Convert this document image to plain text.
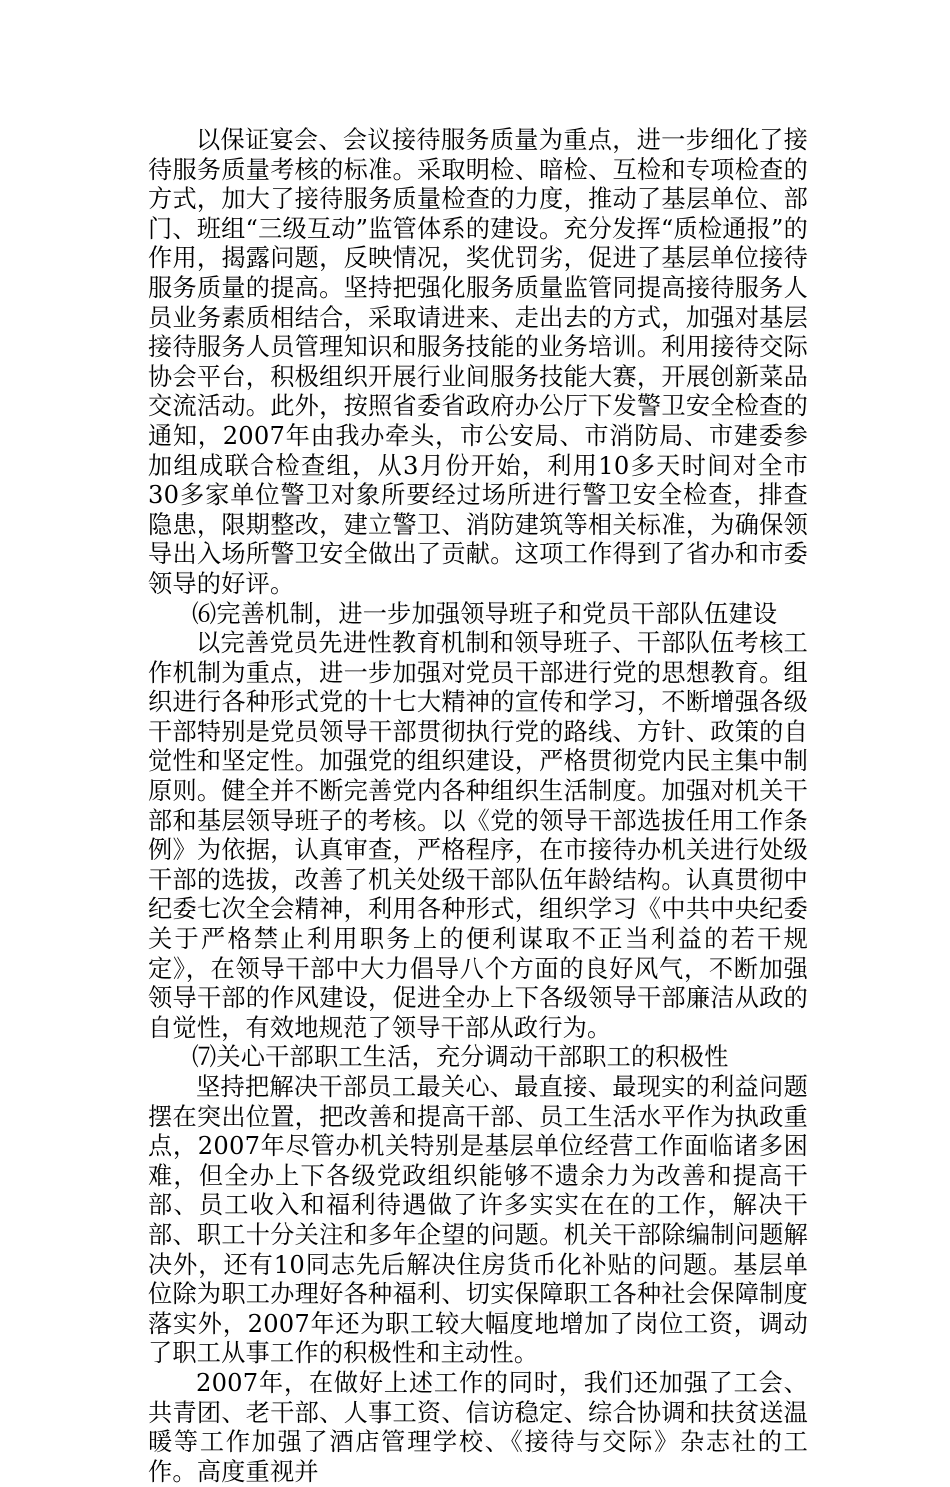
以保证宴会、会议接待服务质量为重点，进一步细化了接待服务质量考核的标准。采取明检、暗检、互检和专项检查的方式，加大了接待服务质量检查的力度，推动了基层单位、部门、班组“三级互动”监管体系的建设。充分发挥“质检通报”的作用，揭露问题，反映情况，奖优罚劣，促进了基层单位接待服务质量的提高。坚持把强化服务质量监管同提高接待服务人员业务素质相结合，采取请进来、走出去的方式，加强对基层接待服务人员管理知识和服务技能的业务培训。利用接待交际协会平台，积极组织开展行业间服务技能大赛，开展创新菜品交流活动。此外，按照省委省政府办公厅下发警卫安全检查的通知，2007年由我办牵头，市公安局、市消防局、市建委参加组成联合检查组，从3月份开始，利用10多天时间对全市30多家单位警卫对象所要经过场所进行警卫安全检查，排查隐患，限期整改，建立警卫、消防建筑等相关标准，为确保领导出入场所警卫安全做出了贡献。这项工作得到了省办和市委领导的好评。

⑹完善机制，进一步加强领导班子和党员干部队伍建设

以完善党员先进性教育机制和领导班子、干部队伍考核工作机制为重点，进一步加强对党员干部进行党的思想教育。组织进行各种形式党的十七大精神的宣传和学习，不断增强各级干部特别是党员领导干部贯彻执行党的路线、方针、政策的自觉性和坚定性。加强党的组织建设，严格贯彻党内民主集中制原则。健全并不断完善党内各种组织生活制度。加强对机关干部和基层领导班子的考核。以《党的领导干部选拔任用工作条例》为依据，认真审查，严格程序，在市接待办机关进行处级干部的选拔，改善了机关处级干部队伍年龄结构。认真贯彻中纪委七次全会精神，利用各种形式，组织学习《中共中央纪委关于严格禁止利用职务上的便利谋取不正当利益的若干规定》，在领导干部中大力倡导八个方面的良好风气，不断加强领导干部的作风建设，促进全办上下各级领导干部廉洁从政的自觉性，有效地规范了领导干部从政行为。

⑺关心干部职工生活，充分调动干部职工的积极性

坚持把解决干部员工最关心、最直接、最现实的利益问题摆在突出位置，把改善和提高干部、员工生活水平作为执政重点，2007年尽管办机关特别是基层单位经营工作面临诸多困难，但全办上下各级党政组织能够不遗余力为改善和提高干部、员工收入和福利待遇做了许多实实在在的工作，解决干部、职工十分关注和多年企望的问题。机关干部除编制问题解决外，还有10同志先后解决住房货币化补贴的问题。基层单位除为职工办理好各种福利、切实保障职工各种社会保障制度落实外，2007年还为职工较大幅度地增加了岗位工资，调动了职工从事工作的积极性和主动性。

2007年，在做好上述工作的同时，我们还加强了工会、共青团、老干部、人事工资、信访稳定、综合协调和扶贫送温暖等工作加强了酒店管理学校、《接待与交际》杂志社的工作。高度重视并
